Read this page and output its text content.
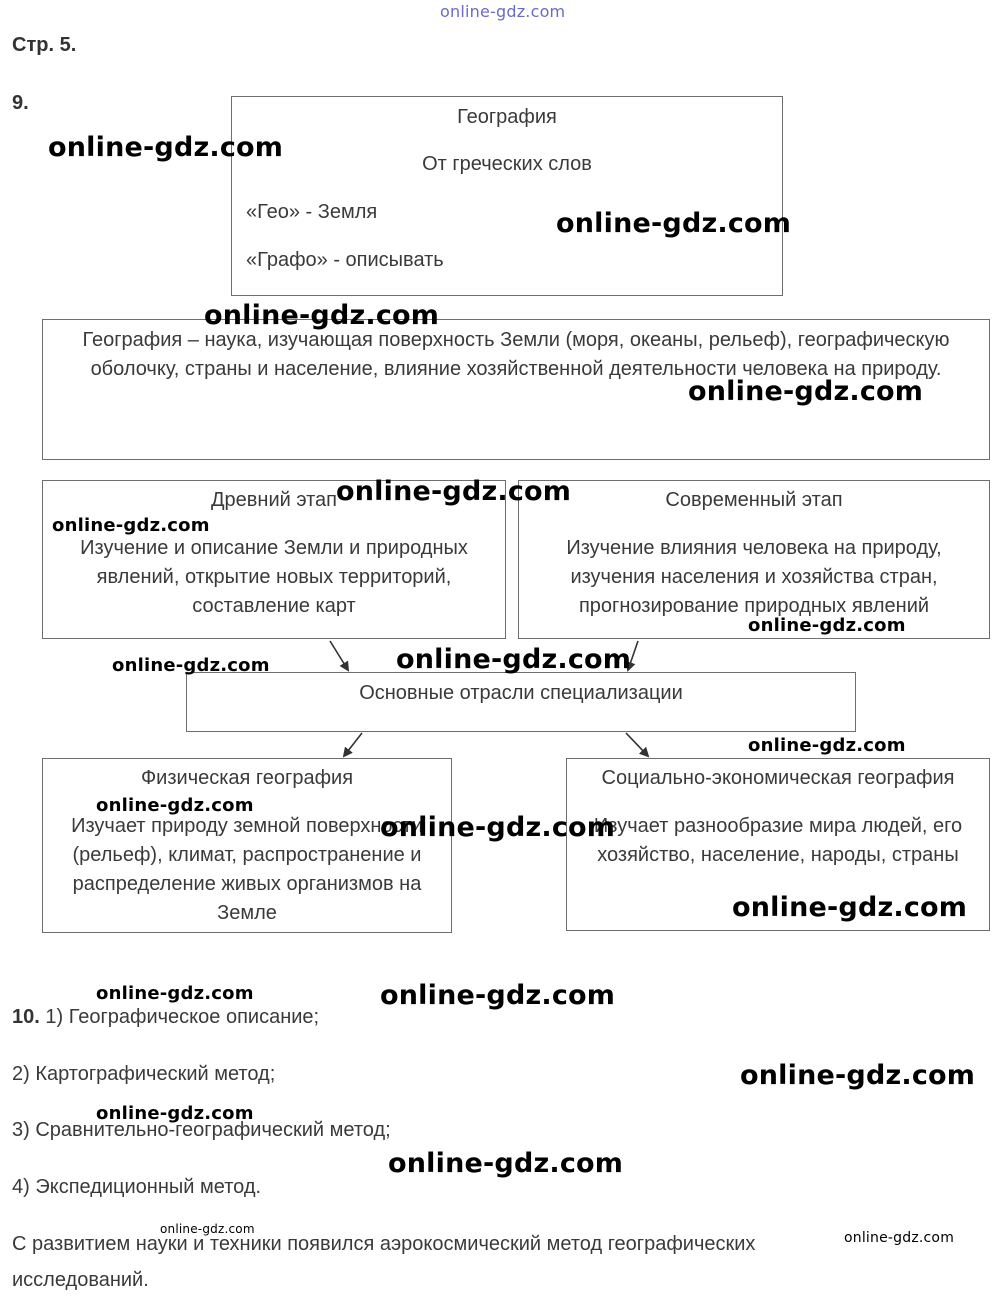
online-gdz.com
Стр. 5.
9.
География
От греческих слов
«Гео» - Земля
«Графо» - описывать
География – наука, изучающая поверхность Земли (моря, океаны, рельеф), географическую оболочку, страны и население, влияние хозяйственной деятельности человека на природу.
Древний этап
Изучение и описание Земли и природных явлений, открытие новых территорий, составление карт
Современный этап
Изучение влияния человека на природу, изучения населения и хозяйства стран, прогнозирование природных явлений
Основные отрасли специализации
Физическая география
Изучает природу земной поверхности (рельеф), климат, распространение и распределение живых организмов на Земле
Социально-экономическая география
Изучает разнообразие мира людей, его хозяйство, население, народы, страны
10. 1) Географическое описание;
2) Картографический метод;
3) Сравнительно-географический метод;
4) Экспедиционный метод.
С развитием науки и техники появился аэрокосмический метод географических
исследований.
online-gdz.com
online-gdz.com
online-gdz.com
online-gdz.com
online-gdz.com
online-gdz.com
online-gdz.com
online-gdz.com	online-gdz.com
online-gdz.com
online-gdz.com
online-gdz.com
online-gdz.com
online-gdz.com	online-gdz.com
online-gdz.com
online-gdz.com
online-gdz.com
online-gdz.com
online-gdz.com
